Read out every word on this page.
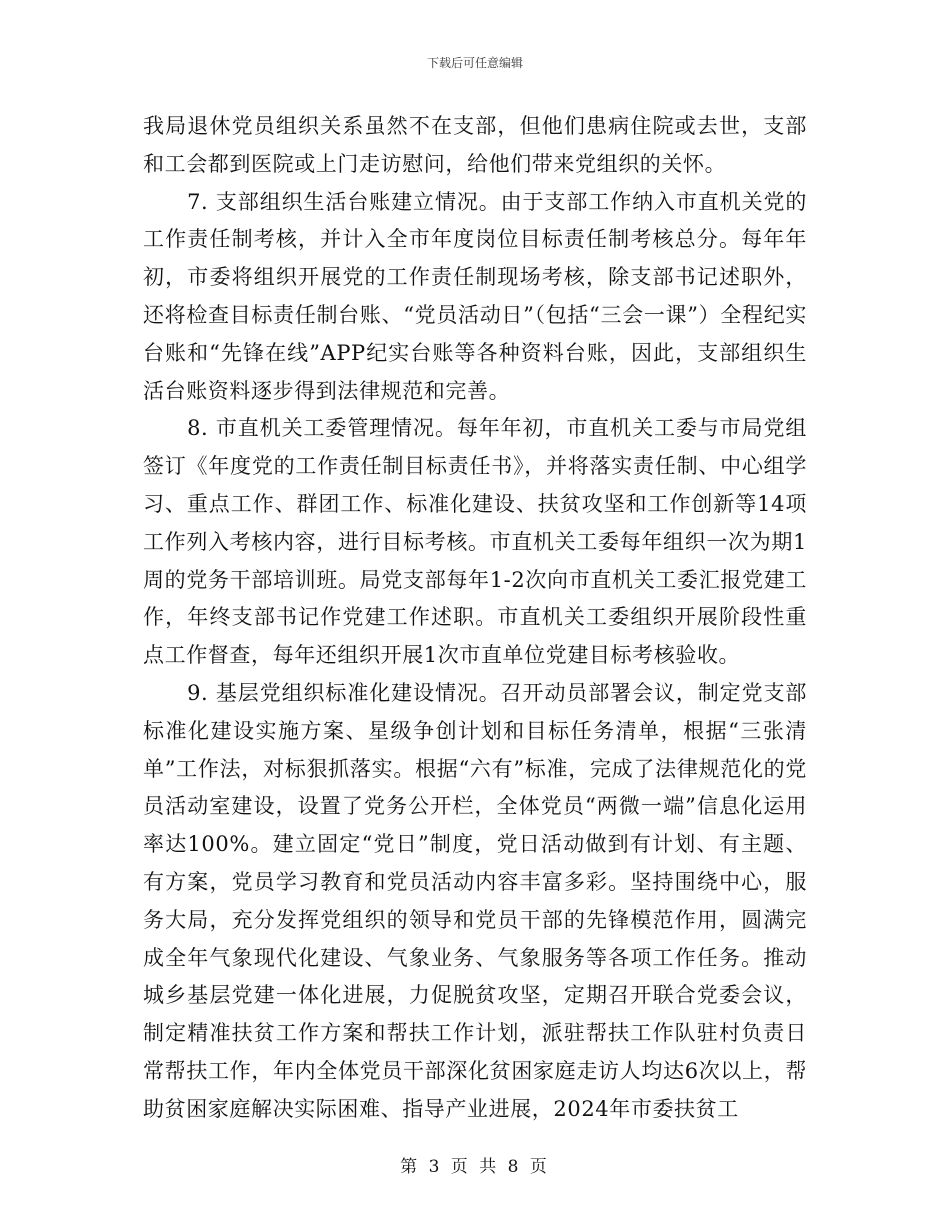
下载后可任意编辑

我局退休党员组织关系虽然不在支部，但他们患病住院或去世，支部和工会都到医院或上门走访慰问，给他们带来党组织的关怀。

7. 支部组织生活台账建立情况。由于支部工作纳入市直机关党的工作责任制考核，并计入全市年度岗位目标责任制考核总分。每年年初，市委将组织开展党的工作责任制现场考核，除支部书记述职外，还将检查目标责任制台账、“党员活动日”（包括“三会一课”）全程纪实台账和“先锋在线”APP纪实台账等各种资料台账，因此，支部组织生活台账资料逐步得到法律规范和完善。

8. 市直机关工委管理情况。每年年初，市直机关工委与市局党组签订《年度党的工作责任制目标责任书》，并将落实责任制、中心组学习、重点工作、群团工作、标准化建设、扶贫攻坚和工作创新等14项工作列入考核内容，进行目标考核。市直机关工委每年组织一次为期1周的党务干部培训班。局党支部每年1-2次向市直机关工委汇报党建工作，年终支部书记作党建工作述职。市直机关工委组织开展阶段性重点工作督查，每年还组织开展1次市直单位党建目标考核验收。

9. 基层党组织标准化建设情况。召开动员部署会议，制定党支部标准化建设实施方案、星级争创计划和目标任务清单，根据“三张清单”工作法，对标狠抓落实。根据“六有”标准，完成了法律规范化的党员活动室建设，设置了党务公开栏，全体党员“两微一端”信息化运用率达100%。建立固定“党日”制度，党日活动做到有计划、有主题、有方案，党员学习教育和党员活动内容丰富多彩。坚持围绕中心，服务大局，充分发挥党组织的领导和党员干部的先锋模范作用，圆满完成全年气象现代化建设、气象业务、气象服务等各项工作任务。推动城乡基层党建一体化进展，力促脱贫攻坚，定期召开联合党委会议，制定精准扶贫工作方案和帮扶工作计划，派驻帮扶工作队驻村负责日常帮扶工作，年内全体党员干部深化贫困家庭走访人均达6次以上，帮助贫困家庭解决实际困难、指导产业进展，2024年市委扶贫工

第 3 页 共 8 页
